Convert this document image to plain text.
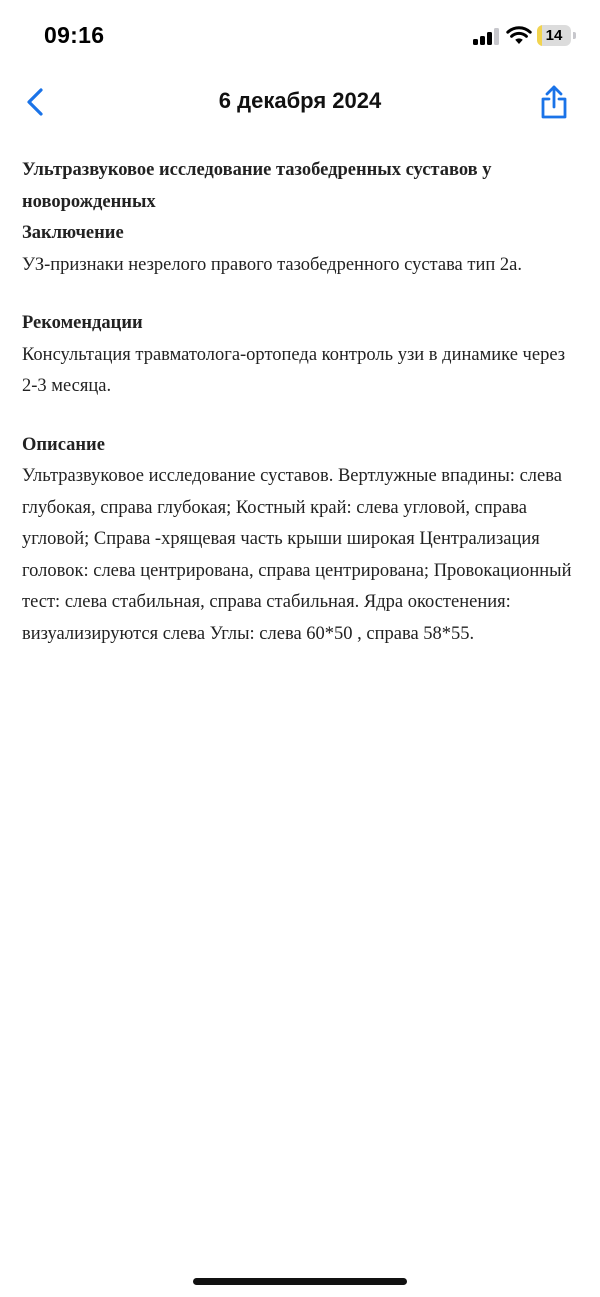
09:16	14
6 декабря 2024

Ультразвуковое исследование тазобедренных суставов у новорожденных

Заключение

УЗ-признаки незрелого правого тазобедренного сустава тип 2а.

Рекомендации

Консультация травматолога-ортопеда контроль узи в динамике через 2-3 месяца.

Описание

Ультразвуковое исследование суставов. Вертлужные впадины: слева глубокая, справа глубокая; Костный край: слева угловой, справа угловой; Справа -хрящевая часть крыши широкая Централизация головок: слева центрирована, справа центрирована; Провокационный тест: слева стабильная, справа стабильная. Ядра окостенения: визуализируются слева Углы: слева 60*50 , справа 58*55.
